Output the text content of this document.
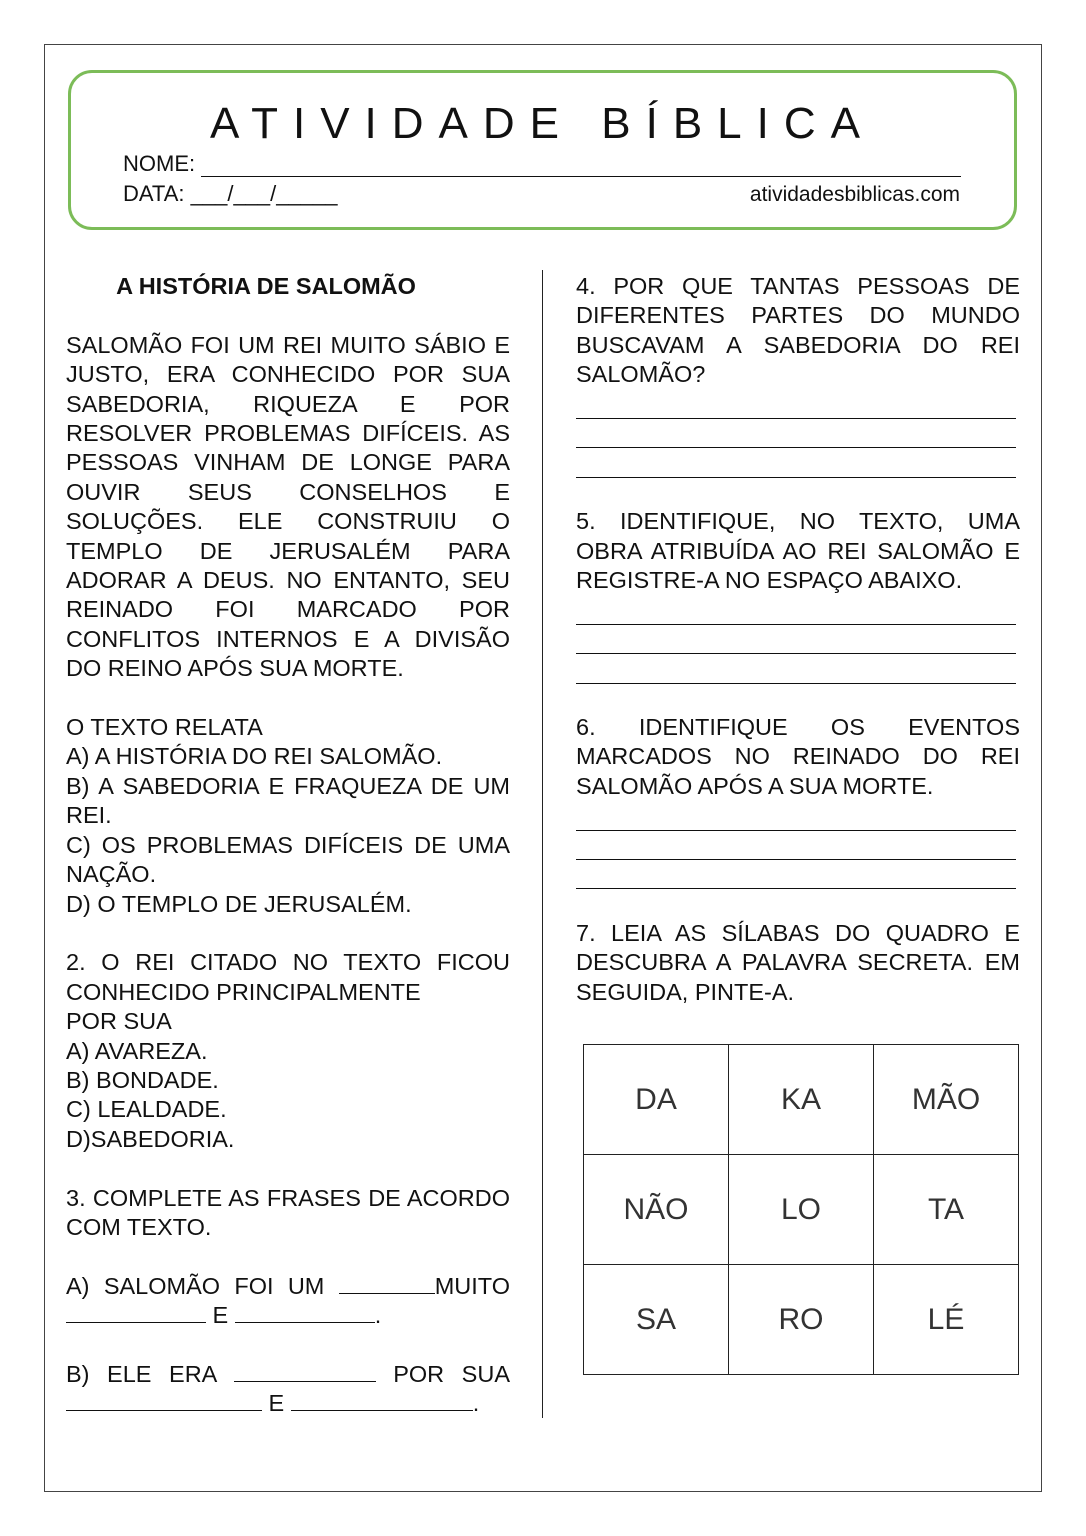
ATIVIDADE BÍBLICA
NOME:
DATA: ___/___/_____	atividadesbiblicas.com
A HISTÓRIA DE SALOMÃO
SALOMÃO FOI UM REI MUITO SÁBIO E JUSTO, ERA CONHECIDO POR SUA SABEDORIA, RIQUEZA E POR RESOLVER PROBLEMAS DIFÍCEIS. AS PESSOAS VINHAM DE LONGE PARA OUVIR SEUS CONSELHOS E SOLUÇÕES. ELE CONSTRUIU O TEMPLO DE JERUSALÉM PARA ADORAR A DEUS. NO ENTANTO, SEU REINADO FOI MARCADO POR CONFLITOS INTERNOS E A DIVISÃO DO REINO APÓS SUA MORTE.
O TEXTO RELATA
A) A HISTÓRIA DO REI SALOMÃO.
B) A SABEDORIA E FRAQUEZA DE UM REI.
C) OS PROBLEMAS DIFÍCEIS DE UMA NAÇÃO.
D) O TEMPLO DE JERUSALÉM.
2. O REI CITADO NO TEXTO FICOU CONHECIDO PRINCIPALMENTE
POR SUA
A) AVAREZA.
B) BONDADE.
C) LEALDADE.
D)SABEDORIA.
3. COMPLETE AS FRASES DE ACORDO COM TEXTO.
A) SALOMÃO FOI UM	MUITO
E	.
B) ELE ERA	POR SUA
E	.
4. POR QUE TANTAS PESSOAS DE DIFERENTES PARTES DO MUNDO BUSCAVAM A SABEDORIA DO REI SALOMÃO?
5. IDENTIFIQUE, NO TEXTO, UMA OBRA ATRIBUÍDA AO REI SALOMÃO E REGISTRE-A NO ESPAÇO ABAIXO.
6. IDENTIFIQUE OS EVENTOS MARCADOS NO REINADO DO REI SALOMÃO APÓS A SUA MORTE.
7. LEIA AS SÍLABAS DO QUADRO E DESCUBRA A PALAVRA SECRETA. EM SEGUIDA, PINTE-A.
DA	KA	MÃO
NÃO	LO	TA
SA	RO	LÉ
